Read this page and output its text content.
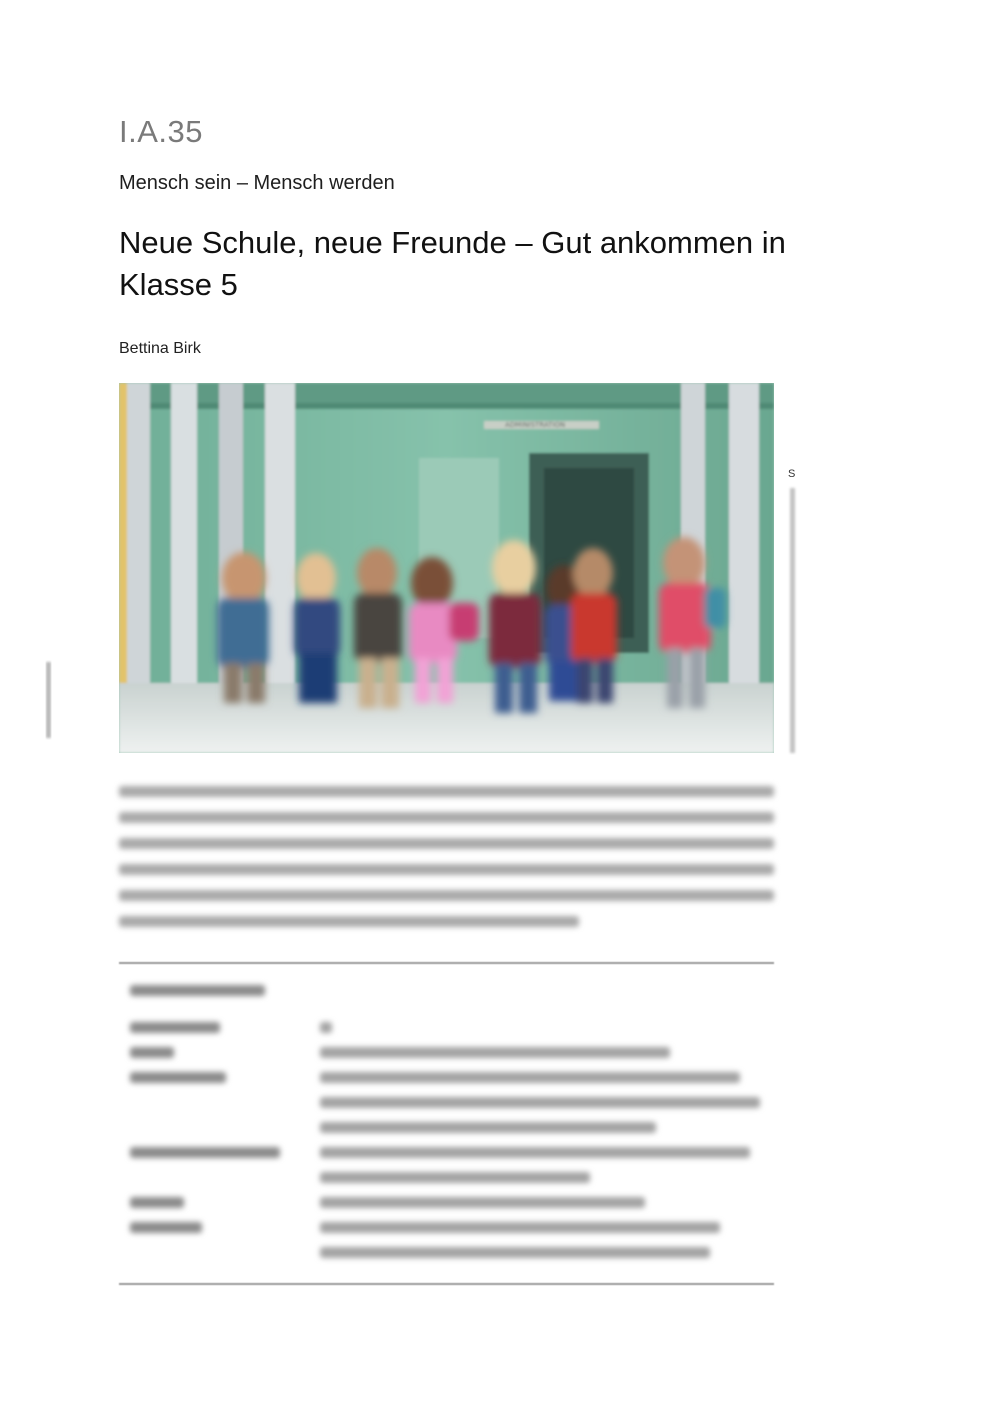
I.A.35
Mensch sein – Mensch werden
Neue Schule, neue Freunde – Gut ankommen in Klasse 5
Bettina Birk
ADMINISTRATION
S
